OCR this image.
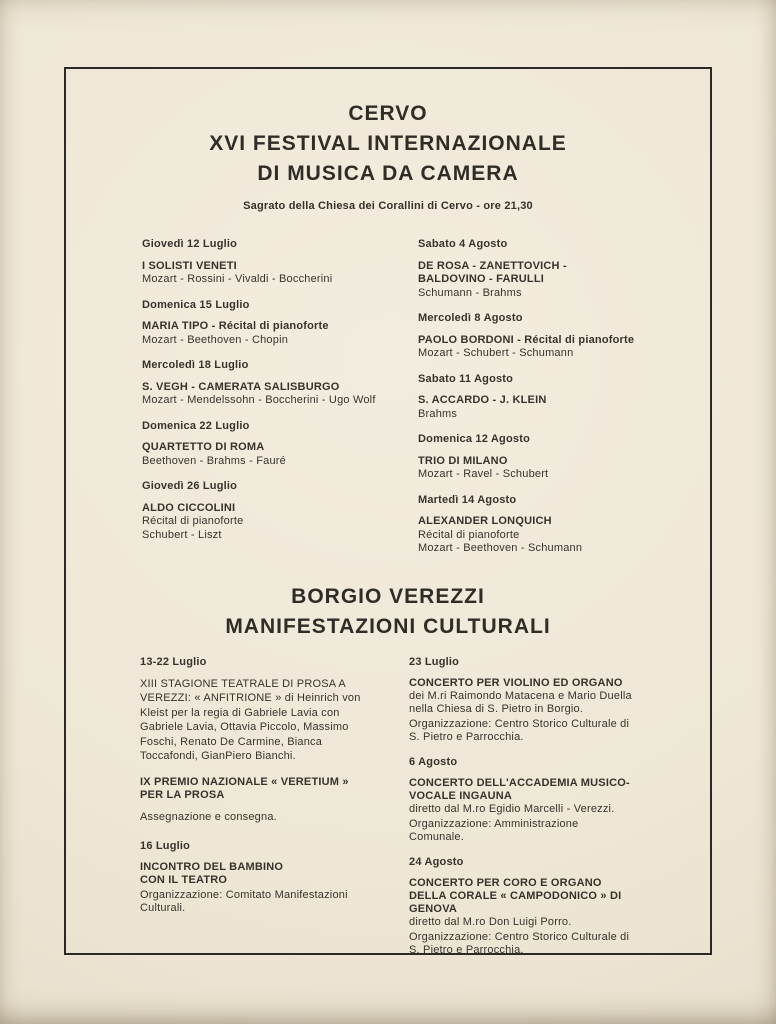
CERVO
XVI FESTIVAL INTERNAZIONALE
DI MUSICA DA CAMERA
Sagrato della Chiesa dei Corallini di Cervo - ore 21,30
Giovedì 12 Luglio
I SOLISTI VENETI
Mozart - Rossini - Vivaldi - Boccherini
Domenica 15 Luglio
MARIA TIPO - Récital di pianoforte
Mozart - Beethoven - Chopin
Mercoledì 18 Luglio
S. VEGH - CAMERATA SALISBURGO
Mozart - Mendelssohn - Boccherini - Ugo Wolf
Domenica 22 Luglio
QUARTETTO DI ROMA
Beethoven - Brahms - Fauré
Giovedì 26 Luglio
ALDO CICCOLINI
Récital di pianoforte
Schubert - Liszt
Sabato 4 Agosto
DE ROSA - ZANETTOVICH -
BALDOVINO - FARULLI
Schumann - Brahms
Mercoledì 8 Agosto
PAOLO BORDONI - Récital di pianoforte
Mozart - Schubert - Schumann
Sabato 11 Agosto
S. ACCARDO - J. KLEIN
Brahms
Domenica 12 Agosto
TRIO DI MILANO
Mozart - Ravel - Schubert
Martedì 14 Agosto
ALEXANDER LONQUICH
Récital di pianoforte
Mozart - Beethoven - Schumann
BORGIO VEREZZI
MANIFESTAZIONI CULTURALI
13-22 Luglio
XIII STAGIONE TEATRALE DI PROSA A VEREZZI: « ANFITRIONE » di Heinrich von Kleist per la regia di Gabriele Lavia con Gabriele Lavia, Ottavia Piccolo, Massimo Foschi, Renato De Carmine, Bianca Toccafondi, GianPiero Bianchi.
IX PREMIO NAZIONALE « VERETIUM » PER LA PROSA
Assegnazione e consegna.
16 Luglio
INCONTRO DEL BAMBINO
CON IL TEATRO
Organizzazione: Comitato Manifestazioni Culturali.
23 Luglio
CONCERTO PER VIOLINO ED ORGANO
dei M.ri Raimondo Matacena e Mario Duella nella Chiesa di S. Pietro in Borgio.
Organizzazione: Centro Storico Culturale di S. Pietro e Parrocchia.
6 Agosto
CONCERTO DELL'ACCADEMIA MUSICO-VOCALE INGAUNA
diretto dal M.ro Egidio Marcelli - Verezzi.
Organizzazione: Amministrazione Comunale.
24 Agosto
CONCERTO PER CORO E ORGANO DELLA CORALE « CAMPODONICO » DI GENOVA
diretto dal M.ro Don Luigi Porro.
Organizzazione: Centro Storico Culturale di S. Pietro e Parrocchia.
